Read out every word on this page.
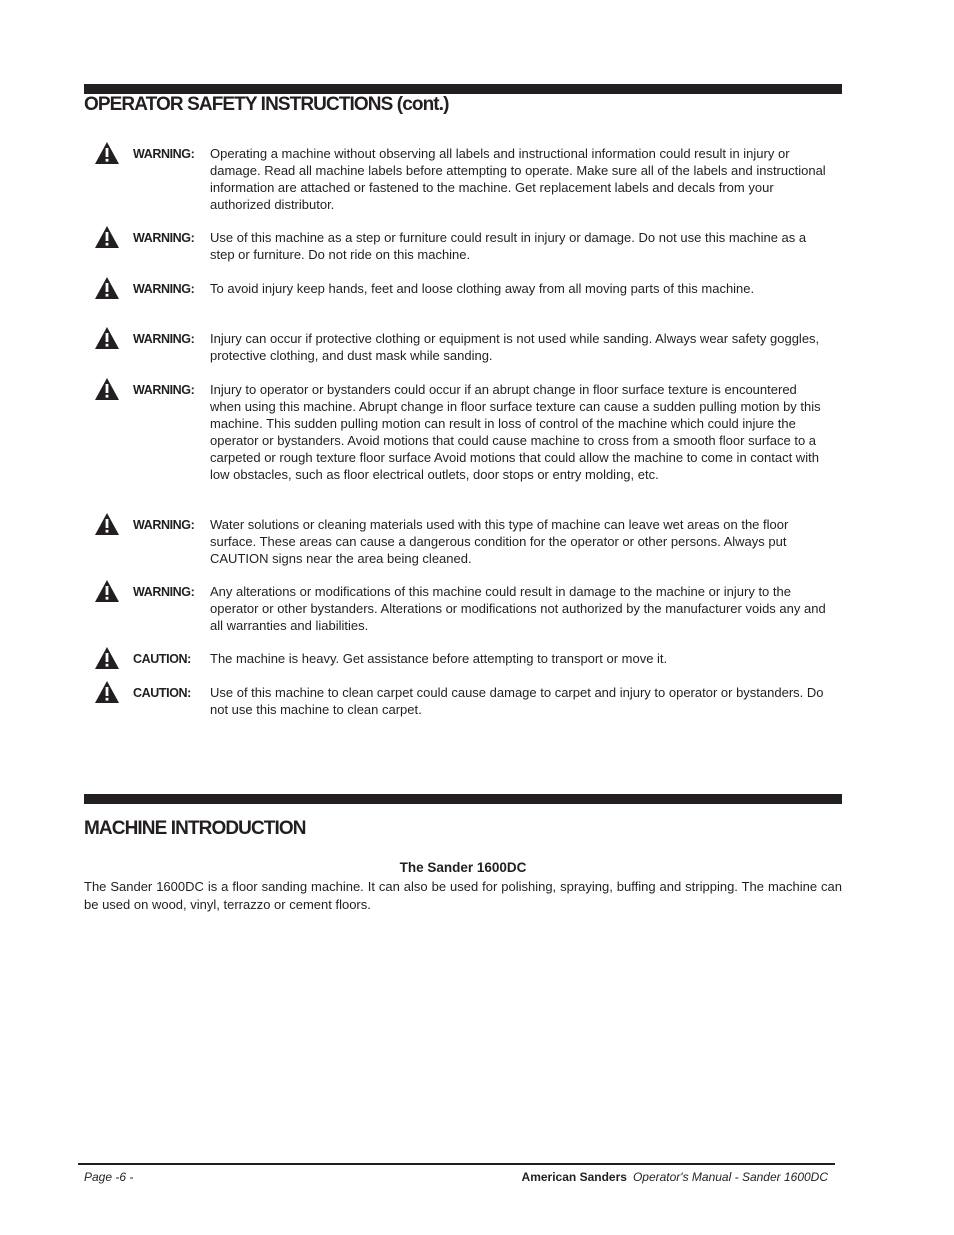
OPERATOR SAFETY INSTRUCTIONS (cont.)
WARNING: Operating a machine without observing all labels and instructional information could result in injury or damage. Read all machine labels before attempting to operate. Make sure all of the labels and instructional information are attached or fastened to the machine. Get replacement labels and decals from your authorized distributor.

WARNING: Use of this machine as a step or furniture could result in injury or damage. Do not use this machine as a step or furniture. Do not ride on this machine.

WARNING: To avoid injury keep hands, feet and loose clothing away from all moving parts of this machine.

WARNING: Injury can occur if protective clothing or equipment is not used while sanding. Always wear safety goggles, protective clothing, and dust mask while sanding.

WARNING: Injury to operator or bystanders could occur if an abrupt change in floor surface texture is encountered when using this machine. Abrupt change in floor surface texture can cause a sudden pulling motion by this machine. This sudden pulling motion can result in loss of control of the machine which could injure the operator or bystanders. Avoid motions that could cause machine to cross from a smooth floor surface to a carpeted or rough texture floor surface Avoid motions that could allow the machine to come in contact with low obstacles, such as floor electrical outlets, door stops or entry molding, etc.

WARNING: Water solutions or cleaning materials used with this type of machine can leave wet areas on the floor surface. These areas can cause a dangerous condition for the operator or other persons. Always put CAUTION signs near the area being cleaned.

WARNING: Any alterations or modifications of this machine could result in damage to the machine or injury to the operator or other bystanders. Alterations or modifications not authorized by the manufacturer voids any and all warranties and liabilities.

CAUTION: The machine is heavy. Get assistance before attempting to transport or move it.

CAUTION: Use of this machine to clean carpet could cause damage to carpet and injury to operator or bystanders. Do not use this machine to clean carpet.

MACHINE INTRODUCTION

The Sander 1600DC

The Sander 1600DC is a floor sanding machine. It can also be used for polishing, spraying, buffing and stripping. The machine can be used on wood, vinyl, terrazzo or cement floors.

Page -6 -	American Sanders Operator's Manual - Sander 1600DC
